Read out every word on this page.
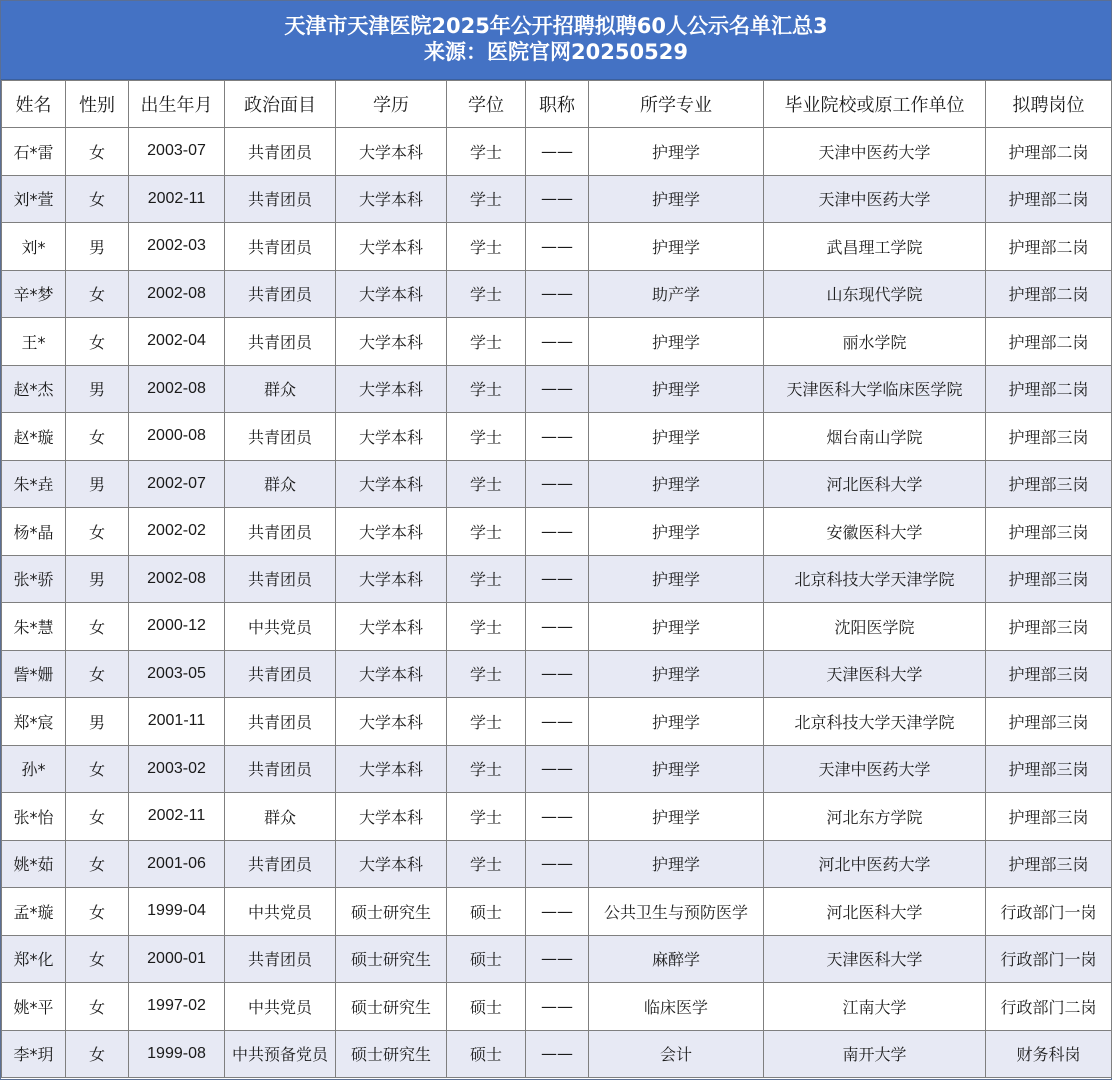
天津市天津医院2025年公开招聘拟聘60人公示名单汇总3
来源：医院官网20250529
姓名	性别	出生年月	政治面目	学历	学位	职称	所学专业	毕业院校或原工作单位	拟聘岗位
石*雷	女	2003-07	共青团员	大学本科	学士	——	护理学	天津中医药大学	护理部二岗
刘*萱	女	2002-11	共青团员	大学本科	学士	——	护理学	天津中医药大学	护理部二岗
刘*	男	2002-03	共青团员	大学本科	学士	——	护理学	武昌理工学院	护理部二岗
辛*梦	女	2002-08	共青团员	大学本科	学士	——	助产学	山东现代学院	护理部二岗
王*	女	2002-04	共青团员	大学本科	学士	——	护理学	丽水学院	护理部二岗
赵*杰	男	2002-08	群众	大学本科	学士	——	护理学	天津医科大学临床医学院	护理部二岗
赵*璇	女	2000-08	共青团员	大学本科	学士	——	护理学	烟台南山学院	护理部三岗
朱*垚	男	2002-07	群众	大学本科	学士	——	护理学	河北医科大学	护理部三岗
杨*晶	女	2002-02	共青团员	大学本科	学士	——	护理学	安徽医科大学	护理部三岗
张*骄	男	2002-08	共青团员	大学本科	学士	——	护理学	北京科技大学天津学院	护理部三岗
朱*慧	女	2000-12	中共党员	大学本科	学士	——	护理学	沈阳医学院	护理部三岗
訾*姗	女	2003-05	共青团员	大学本科	学士	——	护理学	天津医科大学	护理部三岗
郑*宸	男	2001-11	共青团员	大学本科	学士	——	护理学	北京科技大学天津学院	护理部三岗
孙*	女	2003-02	共青团员	大学本科	学士	——	护理学	天津中医药大学	护理部三岗
张*怡	女	2002-11	群众	大学本科	学士	——	护理学	河北东方学院	护理部三岗
姚*茹	女	2001-06	共青团员	大学本科	学士	——	护理学	河北中医药大学	护理部三岗
孟*璇	女	1999-04	中共党员	硕士研究生	硕士	——	公共卫生与预防医学	河北医科大学	行政部门一岗
郑*化	女	2000-01	共青团员	硕士研究生	硕士	——	麻醉学	天津医科大学	行政部门一岗
姚*平	女	1997-02	中共党员	硕士研究生	硕士	——	临床医学	江南大学	行政部门二岗
李*玥	女	1999-08	中共预备党员	硕士研究生	硕士	——	会计	南开大学	财务科岗
